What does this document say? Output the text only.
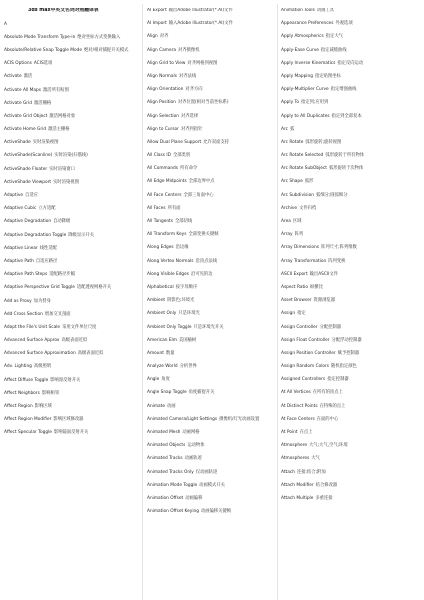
3ds max中英文名词对照翻译表
A
Absolute Mode Transform Type-in 绝对坐标方式变换输入
Absolute/Relative Snap Toggle Mode 绝对/相对捕捉开关模式
ACIS Options ACIS选项
Activate 激活
Activate All Maps 激活所有贴图
Activate Grid 激活栅格
Activate Grid Object 激活网格对象
Activate Home Grid 激活主栅格
ActiveShade 实时渲染视图
ActiveShade(Scanline) 实时渲染(扫描线)
ActiveShade Floater 实时渲染窗口
ActiveShade Viewport 实时渲染视图
Adaptive 自适应
Adaptive Cubic 立方适配
Adaptive Degradation 自动降级
Adaptive Degradation Toggle 降级显示开关
Adaptive Linear 线性适配
Adaptive Path 自适应路径
Adaptive Path Steps 适配路径步幅
Adaptive Perspective Grid Toggle 适配透视网格开关
Add as Proxy 加为替身
Add Cross Section 增加交叉剖面
Adopt the File's Unit Scale 采用文件单位尺度
Advanced Surface Approx 高级表面近似
Advanced Surface Approximation 高级表面近似
Adv. Lighting 高级照明
Affect Diffuse Toggle 影响漫反射开关
Affect Neighbors 影响相邻
Affect Region 影响区域
Affect Region Modifier 影响区域修改器
Affect Specular Toggle 影响镜面反射开关
AI Export 输出Adobe Illustrator(*.AI)文件
AI Import 输入Adobe Illustrator(*.AI)文件
Align 对齐
Align Camera 对齐摄像机
Align Grid to View 对齐网格到视图
Align Normals 对齐法线
Align Orientation 对齐方向
Align Position 对齐位置(相对当前坐标系)
Align Selection 对齐选择
Align to Cursor 对齐到指针
Allow Dual Plane Support 允许双面支持
All Class ID 全部类别
All Commands 所有命令
All Edge Midpoints 全部边界中点
All Face Centers 全部三角面中心
All Faces 所有面
All Tangents 全部切线
All Transform Keys 全部变换关键帧
Along Edges 沿边缘
Along Vertex Normals 沿顶点法线
Along Visible Edges 沿可见的边
Alphabetical 按字母顺序
Ambient 阴影色;环境光
Ambient Only 只是环境光
Ambient Only Toggle 只是环境光开关
American Elm 美国榆树
Amount 数量
Analyze World 分析世界
Angle 角度
Angle Snap Toggle 角度捕捉开关
Animate 动画
Animated Camera/Light Settings 摄像机/灯光动画设置
Animated Mesh 动画网格
Animated Objects 运动物体
Animated Tracks 动画轨迹
Animated Tracks Only 仅动画轨迹
Animation Mode Toggle 动画模式开关
Animation Offset 动画偏移
Animation Offset Keying 动画偏移关键帧
Animation Tools 动画工具
Appearance Preferences 外观选项
Apply Atmospherics 指定大气
Apply-Ease Curve 指定减缓曲线
Apply Inverse Kinematics 指定反向运动
Apply Mapping 指定贴图坐标
Apply-Multiplier Curve 指定增强曲线
Apply To 指定到;应用到
Apply to All Duplicates 指定到全部复本
Arc 弧
Arc Rotate 弧形旋转;旋转视图
Arc Rotate Selected 弧形旋转于所有物体
Arc Rotate SubObject 弧形旋转于次物体
Arc Shape 弧形
Arc Subdivision 弧细分;圆弧细分
Archive 文件归档
Area 区域
Array 阵列
Array Dimensions 阵列尺寸;阵列维数
Array Transformation 阵列变换
ASCII Export 输出ASCII文件
Aspect Ratio 纵横比
Asset Browser 资源浏览器
Assign 指定
Assign Controller 分配控制器
Assign Float Controller 分配浮动控制器
Assign Position Controller 赋予控制器
Assign Random Colors 随机指定颜色
Assigned Controllers 指定控制器
At All Vertices 在所有的顶点上
At Distinct Points 在特殊的点上
At Face Centers 在面的中心
At Point 在点上
Atmosphere 大气;大气,空气;环境
Atmospheres 大气
Attach 连接;结合;附加
Attach Modifier 结合修改器
Attach Multiple 多重连接
